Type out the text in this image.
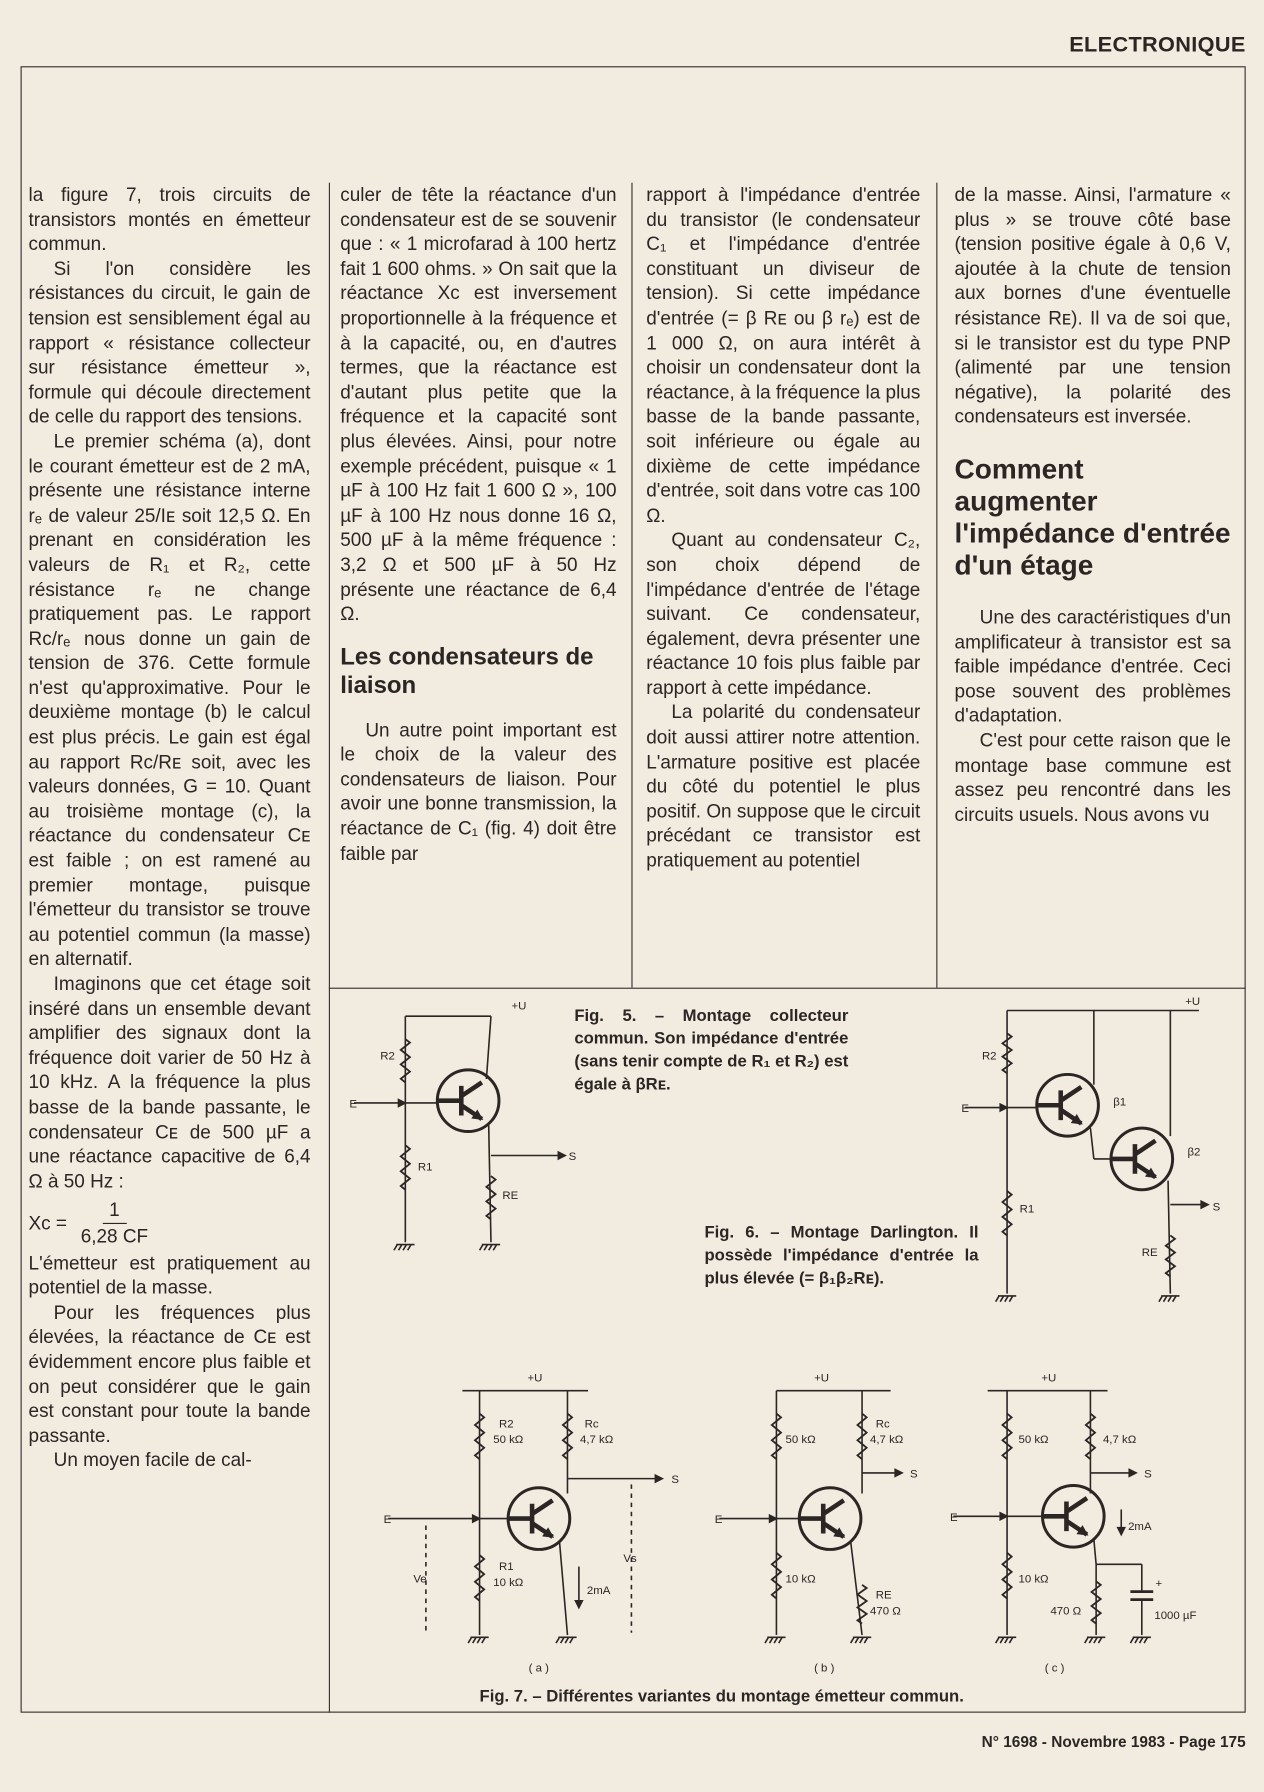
ELECTRONIQUE

la figure 7, trois circuits de transistors montés en émetteur commun.

Si l'on considère les résistances du circuit, le gain de tension est sensiblement égal au rapport « résistance collecteur sur résistance émetteur », formule qui découle directement de celle du rapport des tensions.

Le premier schéma (a), dont le courant émetteur est de 2 mA, présente une résistance interne rₑ de valeur 25/Iᴇ soit 12,5 Ω. En prenant en considération les valeurs de R₁ et R₂, cette résistance rₑ ne change pratiquement pas. Le rapport Rᴄ/rₑ nous donne un gain de tension de 376. Cette formule n'est qu'approximative. Pour le deuxième montage (b) le calcul est plus précis. Le gain est égal au rapport Rᴄ/Rᴇ soit, avec les valeurs données, G = 10. Quant au troisième montage (c), la réactance du condensateur Cᴇ est faible ; on est ramené au premier montage, puisque l'émetteur du transistor se trouve au potentiel commun (la masse) en alternatif.

Imaginons que cet étage soit inséré dans un ensemble devant amplifier des signaux dont la fréquence doit varier de 50 Hz à 10 kHz. A la fréquence la plus basse de la bande passante, le condensateur Cᴇ de 500 µF a une réactance capacitive de 6,4 Ω à 50 Hz :

$Xc = \frac{1}{6,28 CF}$

L'émetteur est pratiquement au potentiel de la masse.

Pour les fréquences plus élevées, la réactance de Cᴇ est évidemment encore plus faible et on peut considérer que le gain est constant pour toute la bande passante.

Un moyen facile de cal-

culer de tête la réactance d'un condensateur est de se souvenir que : « 1 microfarad à 100 hertz fait 1 600 ohms. » On sait que la réactance Xc est inversement proportionnelle à la fréquence et à la capacité, ou, en d'autres termes, que la réactance est d'autant plus petite que la fréquence et la capacité sont plus élevées. Ainsi, pour notre exemple précédent, puisque « 1 µF à 100 Hz fait 1 600 Ω », 100 µF à 100 Hz nous donne 16 Ω, 500 µF à la même fréquence : 3,2 Ω et 500 µF à 50 Hz présente une réactance de 6,4 Ω.

Les condensateurs de liaison

Un autre point important est le choix de la valeur des condensateurs de liaison. Pour avoir une bonne transmission, la réactance de C₁ (fig. 4) doit être faible par

rapport à l'impédance d'entrée du transistor (le condensateur C₁ et l'impédance d'entrée constituant un diviseur de tension). Si cette impédance d'entrée (= β Rᴇ ou β rₑ) est de 1 000 Ω, on aura intérêt à choisir un condensateur dont la réactance, à la fréquence la plus basse de la bande passante, soit inférieure ou égale au dixième de cette impédance d'entrée, soit dans votre cas 100 Ω.

Quant au condensateur C₂, son choix dépend de l'impédance d'entrée de l'étage suivant. Ce condensateur, également, devra présenter une réactance 10 fois plus faible par rapport à cette impédance.

La polarité du condensateur doit aussi attirer notre attention. L'armature positive est placée du côté du potentiel le plus positif. On suppose que le circuit précédant ce transistor est pratiquement au potentiel

de la masse. Ainsi, l'armature « plus » se trouve côté base (tension positive égale à 0,6 V, ajoutée à la chute de tension aux bornes d'une éventuelle résistance Rᴇ). Il va de soi que, si le transistor est du type PNP (alimenté par une tension négative), la polarité des condensateurs est inversée.

Comment augmenter l'impédance d'entrée d'un étage

Une des caractéristiques d'un amplificateur à transistor est sa faible impédance d'entrée. Ceci pose souvent des problèmes d'adaptation.

C'est pour cette raison que le montage base commune est assez peu rencontré dans les circuits usuels. Nous avons vu

Fig. 5. – Montage collecteur commun. Son impédance d'entrée (sans tenir compte de R₁ et R₂) est égale à βRᴇ.
Fig. 6. – Montage Darlington. Il possède l'impédance d'entrée la plus élevée (= β₁β₂Rᴇ).
Fig. 7. – Différentes variantes du montage émetteur commun.
+U
R2
R1
RE
E
S
+U
R2
R1
RE
E
S
β1
β2
+U
R2
50 kΩ
Rc
4,7 kΩ
S
E
R1
10 kΩ
2mA
Ve
Vs
( a )
+U
50 kΩ
Rc
4,7 kΩ
S
E
10 kΩ
RE
470 Ω
( b )
+U
50 kΩ	4,7 kΩ
S
E
10 kΩ
470 Ω
+
1000 µF
2mA
( c )
N° 1698 - Novembre 1983 - Page 175
